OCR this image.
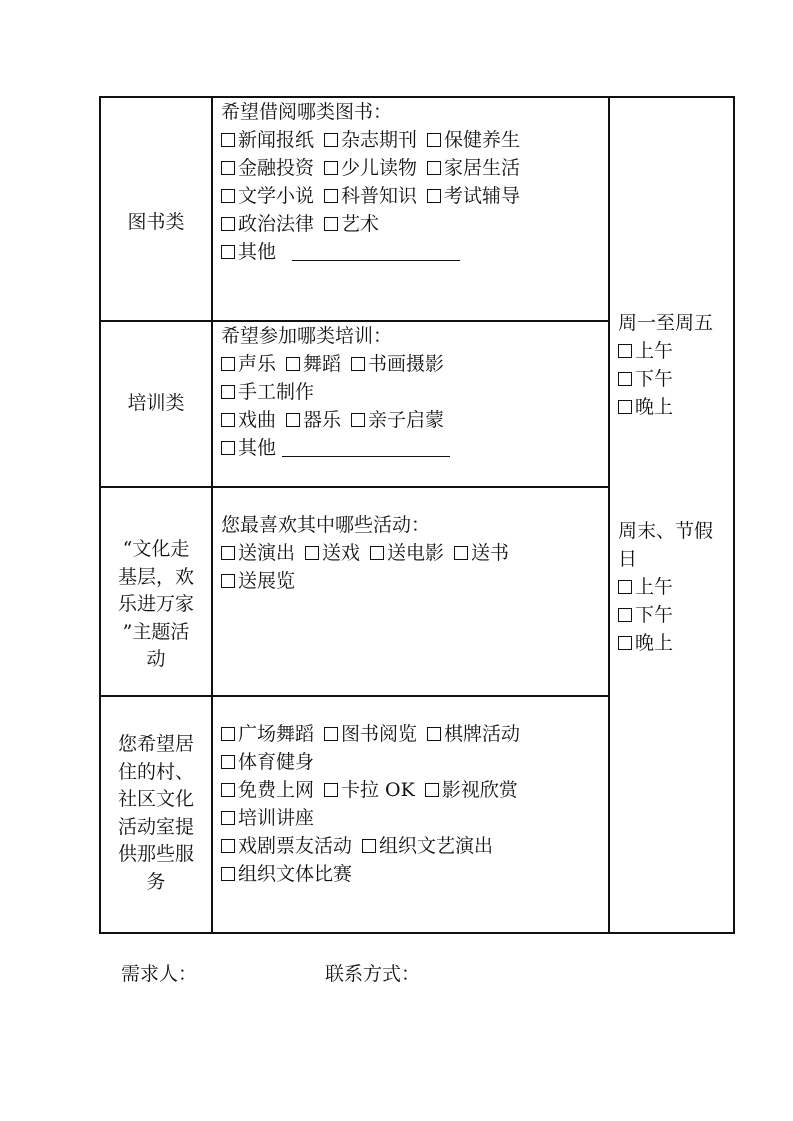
图书类
希望借阅哪类图书：
新闻报纸 杂志期刊 保健养生
金融投资 少儿读物 家居生活
文学小说 科普知识 考试辅导
政治法律 艺术
其他
培训类
希望参加哪类培训：
声乐 舞蹈 书画摄影
手工制作
戏曲 器乐 亲子启蒙
其他
“文化走
基层，欢
乐进万家
”主题活
动
您最喜欢其中哪些活动：
送演出 送戏 送电影 送书
送展览
您希望居
住的村、
社区文化
活动室提
供那些服
务
广场舞蹈 图书阅览 棋牌活动
体育健身
免费上网 卡拉 OK 影视欣赏
培训讲座
戏剧票友活动 组织文艺演出
组织文体比赛
周一至周五
上午
下午
晚上
周末、节假
日
上午
下午
晚上
需求人：	联系方式：
